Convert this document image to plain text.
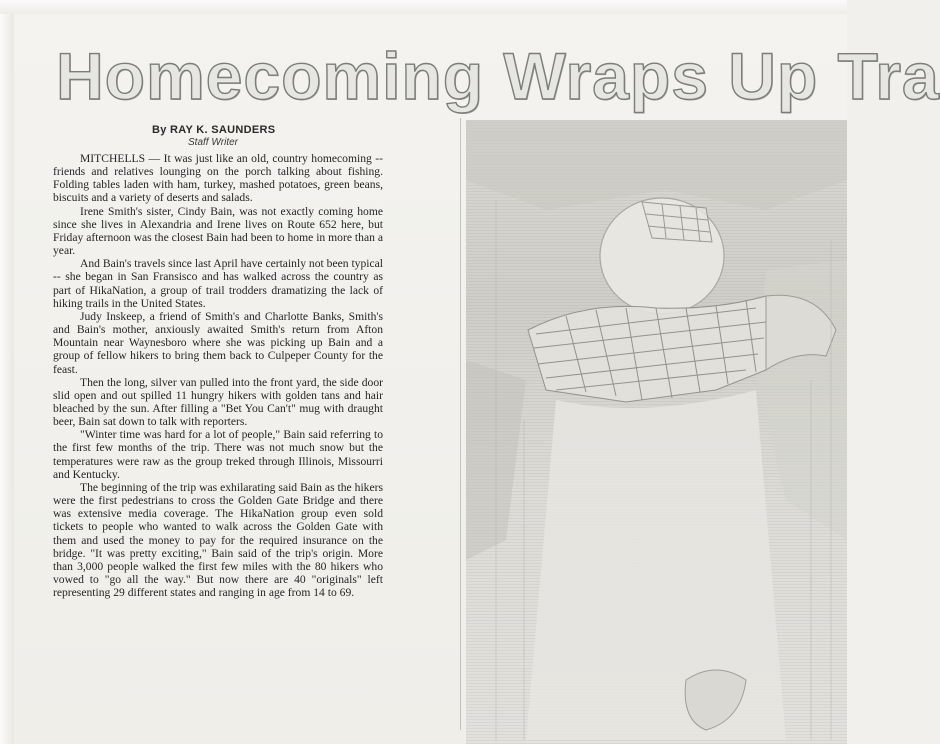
Homecoming Wraps Up Tra
By RAY K. SAUNDERS
Staff Writer

MITCHELLS — It was just like an old, country homecoming -- friends and relatives lounging on the porch talking about fishing. Folding tables laden with ham, turkey, mashed potatoes, green beans, biscuits and a variety of deserts and salads.

Irene Smith's sister, Cindy Bain, was not exactly coming home since she lives in Alexandria and Irene lives on Route 652 here, but Friday afternoon was the closest Bain had been to home in more than a year.

And Bain's travels since last April have certainly not been typical -- she began in San Fransisco and has walked across the country as part of HikaNation, a group of trail trodders dramatizing the lack of hiking trails in the United States.

Judy Inskeep, a friend of Smith's and Charlotte Banks, Smith's and Bain's mother, anxiously awaited Smith's return from Afton Mountain near Waynesboro where she was picking up Bain and a group of fellow hikers to bring them back to Culpeper County for the feast.

Then the long, silver van pulled into the front yard, the side door slid open and out spilled 11 hungry hikers with golden tans and hair bleached by the sun. After filling a "Bet You Can't" mug with draught beer, Bain sat down to talk with reporters.

"Winter time was hard for a lot of people," Bain said referring to the first few months of the trip. There was not much snow but the temperatures were raw as the group treked through Illinois, Missourri and Kentucky.

The beginning of the trip was exhilarating said Bain as the hikers were the first pedestrians to cross the Golden Gate Bridge and there was extensive media coverage. The HikaNation group even sold tickets to people who wanted to walk across the Golden Gate with them and used the money to pay for the required insurance on the bridge. "It was pretty exciting," Bain said of the trip's origin. More than 3,000 people walked the first few miles with the 80 hikers who vowed to "go all the way." But now there are 40 "originals" left representing 29 different states and ranging in age from 14 to 69.
